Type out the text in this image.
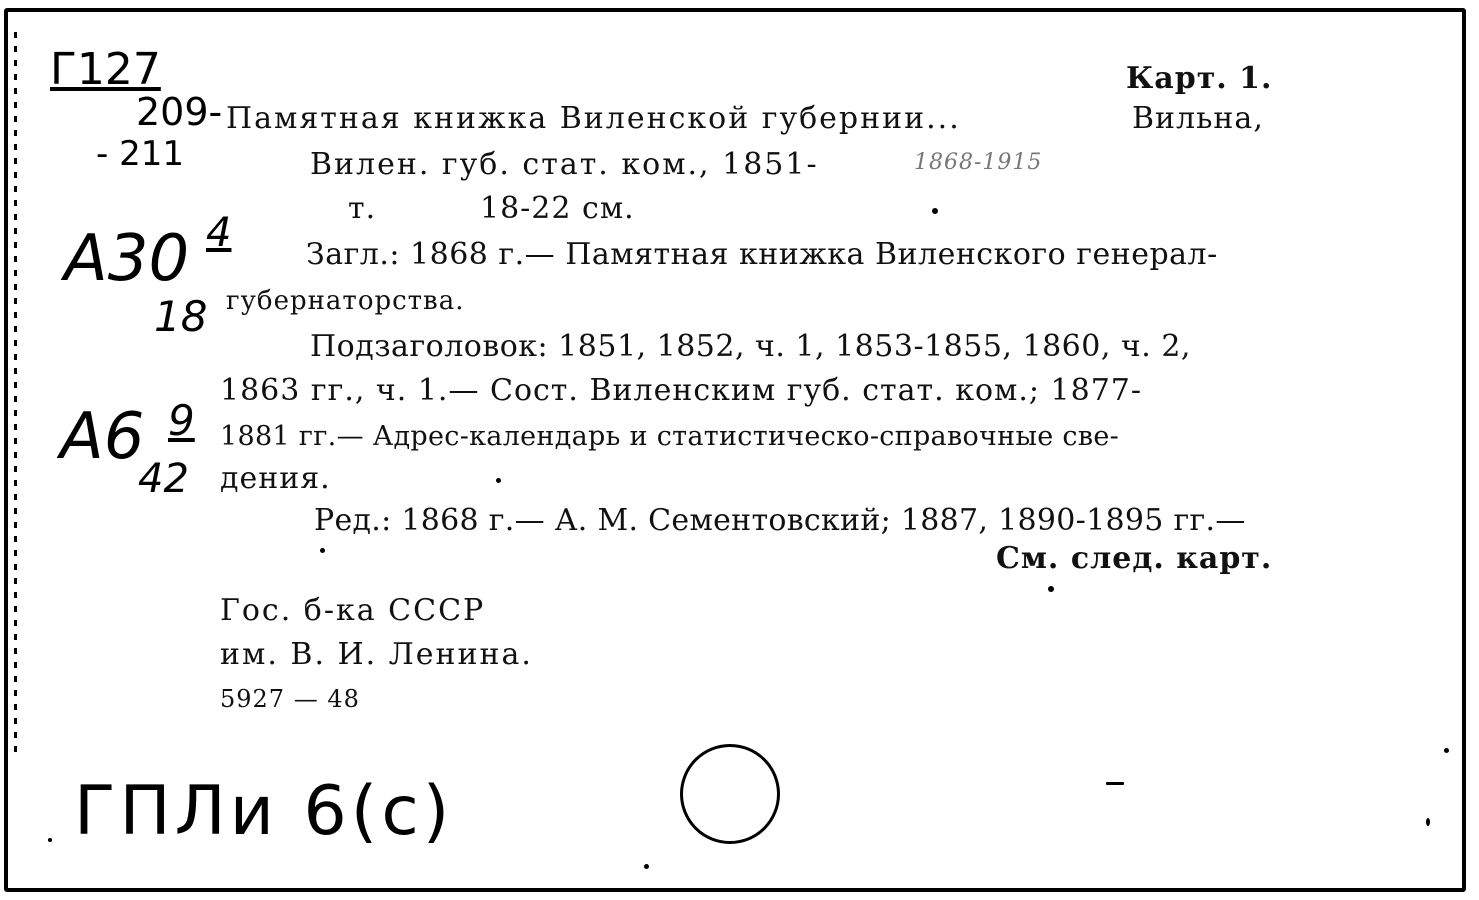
Г127
209-
- 211
А30 4
18
А6 9
42
ГПЛи 6(с)
Карт. 1.
Памятная книжка Виленской губернии...	Вильна,
Вилен. губ. стат. ком., 1851-	1868-1915
т.	18-22 см.
Загл.: 1868 г.— Памятная книжка Виленского генерал-
губернаторства.
Подзаголовок: 1851, 1852, ч. 1, 1853-1855, 1860, ч. 2,
1863 гг., ч. 1.— Сост. Виленским губ. стат. ком.; 1877-
1881 гг.— Адрес-календарь и статистическо-справочные све-
дения.
Ред.: 1868 г.— А. М. Сементовский; 1887, 1890-1895 гг.—
См. след. карт.
Гос. б-ка СССР
им. В. И. Ленина.
5927 — 48
